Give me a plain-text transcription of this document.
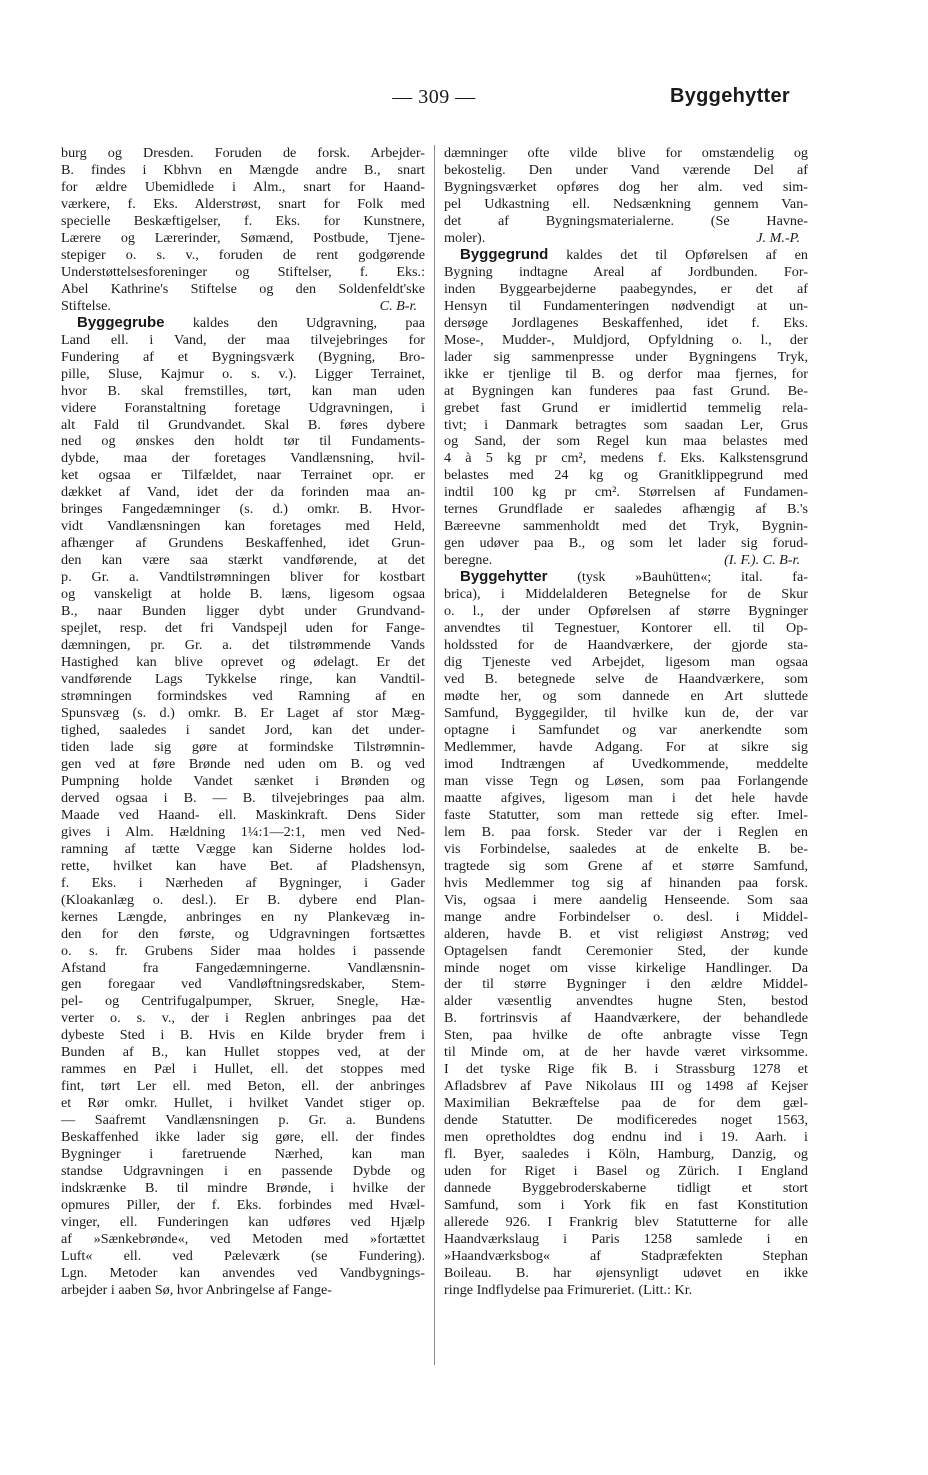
— 309 —	Byggehytter
burg og Dresden. Foruden de forsk. Arbejder-
B. findes i Kbhvn en Mængde andre B., snart
for ældre Ubemidlede i Alm., snart for Haand-
værkere, f. Eks. Alderstrøst, snart for Folk med
specielle Beskæftigelser, f. Eks. for Kunstnere,
Lærere og Lærerinder, Sømænd, Postbude, Tjene-
stepiger o. s. v., foruden de rent godgørende
Understøttelsesforeninger og Stiftelser, f. Eks.:
Abel Kathrine's Stiftelse og den Soldenfeldt'ske
Stiftelse.	C. B-r.
Byggegrube kaldes den Udgravning, paa
Land ell. i Vand, der maa tilvejebringes for
Fundering af et Bygningsværk (Bygning, Bro-
pille, Sluse, Kajmur o. s. v.). Ligger Terrainet,
hvor B. skal fremstilles, tørt, kan man uden
videre Foranstaltning foretage Udgravningen, i
alt Fald til Grundvandet. Skal B. føres dybere
ned og ønskes den holdt tør til Fundaments-
dybde, maa der foretages Vandlænsning, hvil-
ket ogsaa er Tilfældet, naar Terrainet opr. er
dækket af Vand, idet der da forinden maa an-
bringes Fangedæmninger (s. d.) omkr. B. Hvor-
vidt Vandlænsningen kan foretages med Held,
afhænger af Grundens Beskaffenhed, idet Grun-
den kan være saa stærkt vandførende, at det
p. Gr. a. Vandtilstrømningen bliver for kostbart
og vanskeligt at holde B. læns, ligesom ogsaa
B., naar Bunden ligger dybt under Grundvand-
spejlet, resp. det fri Vandspejl uden for Fange-
dæmningen, pr. Gr. a. det tilstrømmende Vands
Hastighed kan blive oprevet og ødelagt. Er det
vandførende Lags Tykkelse ringe, kan Vandtil-
strømningen formindskes ved Ramning af en
Spunsvæg (s. d.) omkr. B. Er Laget af stor Mæg-
tighed, saaledes i sandet Jord, kan det under-
tiden lade sig gøre at formindske Tilstrømnin-
gen ved at føre Brønde ned uden om B. og ved
Pumpning holde Vandet sænket i Brønden og
derved ogsaa i B. — B. tilvejebringes paa alm.
Maade ved Haand- ell. Maskinkraft. Dens Sider
gives i Alm. Hældning 1¼:1—2:1, men ved Ned-
ramning af tætte Vægge kan Siderne holdes lod-
rette, hvilket kan have Bet. af Pladshensyn,
f. Eks. i Nærheden af Bygninger, i Gader
(Kloakanlæg o. desl.). Er B. dybere end Plan-
kernes Længde, anbringes en ny Plankevæg in-
den for den første, og Udgravningen fortsættes
o. s. fr. Grubens Sider maa holdes i passende
Afstand fra Fangedæmningerne. Vandlænsnin-
gen foregaar ved Vandløftningsredskaber, Stem-
pel- og Centrifugalpumper, Skruer, Snegle, Hæ-
verter o. s. v., der i Reglen anbringes paa det
dybeste Sted i B. Hvis en Kilde bryder frem i
Bunden af B., kan Hullet stoppes ved, at der
rammes en Pæl i Hullet, ell. det stoppes med
fint, tørt Ler ell. med Beton, ell. der anbringes
et Rør omkr. Hullet, i hvilket Vandet stiger op.
— Saafremt Vandlænsningen p. Gr. a. Bundens
Beskaffenhed ikke lader sig gøre, ell. der findes
Bygninger i faretruende Nærhed, kan man
standse Udgravningen i en passende Dybde og
indskrænke B. til mindre Brønde, i hvilke der
opmures Piller, der f. Eks. forbindes med Hvæl-
vinger, ell. Funderingen kan udføres ved Hjælp
af »Sænkebrønde«, ved Metoden med »fortættet
Luft« ell. ved Pæleværk (se Fundering).
Lgn. Metoder kan anvendes ved Vandbygnings-
arbejder i aaben Sø, hvor Anbringelse af Fange-
dæmninger ofte vilde blive for omstændelig og
bekostelig. Den under Vand værende Del af
Bygningsværket opføres dog her alm. ved sim-
pel Udkastning ell. Nedsænkning gennem Van-
det af Bygningsmaterialerne. (Se Havne-
moler).	J. M.-P.
Byggegrund kaldes det til Opførelsen af en
Bygning indtagne Areal af Jordbunden. For-
inden Byggearbejderne paabegyndes, er det af
Hensyn til Fundamenteringen nødvendigt at un-
dersøge Jordlagenes Beskaffenhed, idet f. Eks.
Mose-, Mudder-, Muldjord, Opfyldning o. l., der
lader sig sammenpresse under Bygningens Tryk,
ikke er tjenlige til B. og derfor maa fjernes, for
at Bygningen kan funderes paa fast Grund. Be-
grebet fast Grund er imidlertid temmelig rela-
tivt; i Danmark betragtes som saadan Ler, Grus
og Sand, der som Regel kun maa belastes med
4 à 5 kg pr cm², medens f. Eks. Kalkstensgrund
belastes med 24 kg og Granitklippegrund med
indtil 100 kg pr cm². Størrelsen af Fundamen-
ternes Grundflade er saaledes afhængig af B.'s
Bæreevne sammenholdt med det Tryk, Bygnin-
gen udøver paa B., og som let lader sig forud-
beregne.	(I. F.). C. B-r.
Byggehytter (tysk »Bauhütten«; ital. fa-
brica), i Middelalderen Betegnelse for de Skur
o. l., der under Opførelsen af større Bygninger
anvendtes til Tegnestuer, Kontorer ell. til Op-
holdssted for de Haandværkere, der gjorde sta-
dig Tjeneste ved Arbejdet, ligesom man ogsaa
ved B. betegnede selve de Haandværkere, som
mødte her, og som dannede en Art sluttede
Samfund, Byggegilder, til hvilke kun de, der var
optagne i Samfundet og var anerkendte som
Medlemmer, havde Adgang. For at sikre sig
imod Indtrængen af Uvedkommende, meddelte
man visse Tegn og Løsen, som paa Forlangende
maatte afgives, ligesom man i det hele havde
faste Statutter, som man rettede sig efter. Imel-
lem B. paa forsk. Steder var der i Reglen en
vis Forbindelse, saaledes at de enkelte B. be-
tragtede sig som Grene af et større Samfund,
hvis Medlemmer tog sig af hinanden paa forsk.
Vis, ogsaa i mere aandelig Henseende. Som saa
mange andre Forbindelser o. desl. i Middel-
alderen, havde B. et vist religiøst Anstrøg; ved
Optagelsen fandt Ceremonier Sted, der kunde
minde noget om visse kirkelige Handlinger. Da
der til større Bygninger i den ældre Middel-
alder væsentlig anvendtes hugne Sten, bestod
B. fortrinsvis af Haandværkere, der behandlede
Sten, paa hvilke de ofte anbragte visse Tegn
til Minde om, at de her havde været virksomme.
I det tyske Rige fik B. i Strassburg 1278 et
Afladsbrev af Pave Nikolaus III og 1498 af Kejser
Maximilian Bekræftelse paa de for dem gæl-
dende Statutter. De modificeredes noget 1563,
men opretholdtes dog endnu ind i 19. Aarh. i
fl. Byer, saaledes i Köln, Hamburg, Danzig, og
uden for Riget i Basel og Zürich. I England
dannede Byggebroderskaberne tidligt et stort
Samfund, som i York fik en fast Konstitution
allerede 926. I Frankrig blev Statutterne for alle
Haandværkslaug i Paris 1258 samlede i en
»Haandværksbog« af Stadpræfekten Stephan
Boileau. B. har øjensynligt udøvet en ikke
ringe Indflydelse paa Frimureriet. (Litt.: Kr.
